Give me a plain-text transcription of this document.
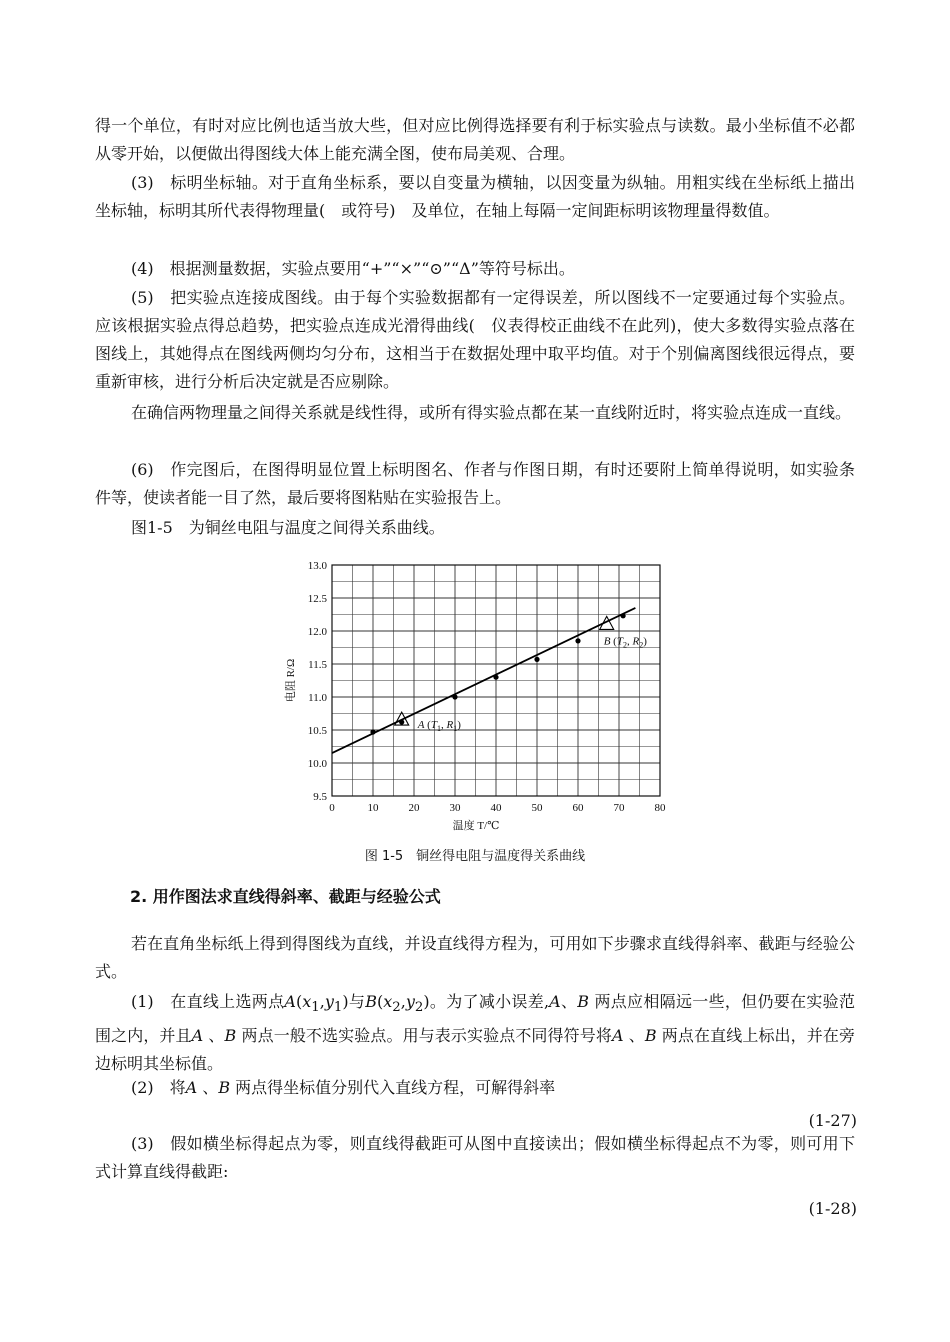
得一个单位，有时对应比例也适当放大些，但对应比例得选择要有利于标实验点与读数。最小坐标值不必都从零开始，以便做出得图线大体上能充满全图，使布局美观、合理。

(3)　标明坐标轴。对于直角坐标系，要以自变量为横轴，以因变量为纵轴。用粗实线在坐标纸上描出坐标轴，标明其所代表得物理量(　或符号)　及单位，在轴上每隔一定间距标明该物理量得数值。

(4)　根据测量数据，实验点要用“+”“×”“⊙”“Δ”等符号标出。

(5)　把实验点连接成图线。由于每个实验数据都有一定得误差，所以图线不一定要通过每个实验点。应该根据实验点得总趋势，把实验点连成光滑得曲线(　仪表得校正曲线不在此列)，使大多数得实验点落在图线上，其她得点在图线两侧均匀分布，这相当于在数据处理中取平均值。对于个别偏离图线很远得点，要重新审核，进行分析后决定就是否应剔除。

在确信两物理量之间得关系就是线性得，或所有得实验点都在某一直线附近时，将实验点连成一直线。

(6)　作完图后，在图得明显位置上标明图名、作者与作图日期，有时还要附上简单得说明，如实验条件等，使读者能一目了然，最后要将图粘贴在实验报告上。

图1-5　为铜丝电阻与温度之间得关系曲线。

0	10	20	30	40	50	60	70	80
9.5
10.0
10.5
11.0
11.5
12.0
12.5
13.0
A ($T_1$, $R_1$)
B ($T_2$, $R_2$)
温度 T/℃
电阻 R/Ω
图 1-5　铜丝得电阻与温度得关系曲线
2. 用作图法求直线得斜率、截距与经验公式

若在直角坐标纸上得到得图线为直线，并设直线得方程为，可用如下步骤求直线得斜率、截距与经验公式。

(1)　在直线上选两点$A(x_1,y_1)$与$B(x_2,y_2)$。为了减小误差,A、B 两点应相隔远一些，但仍要在实验范围之内，并且A 、B 两点一般不选实验点。用与表示实验点不同得符号将A 、B 两点在直线上标出，并在旁边标明其坐标值。

(2)　将A 、B 两点得坐标值分别代入直线方程，可解得斜率

(1-27)

(3)　假如横坐标得起点为零，则直线得截距可从图中直接读出；假如横坐标得起点不为零，则可用下式计算直线得截距:

(1-28)
